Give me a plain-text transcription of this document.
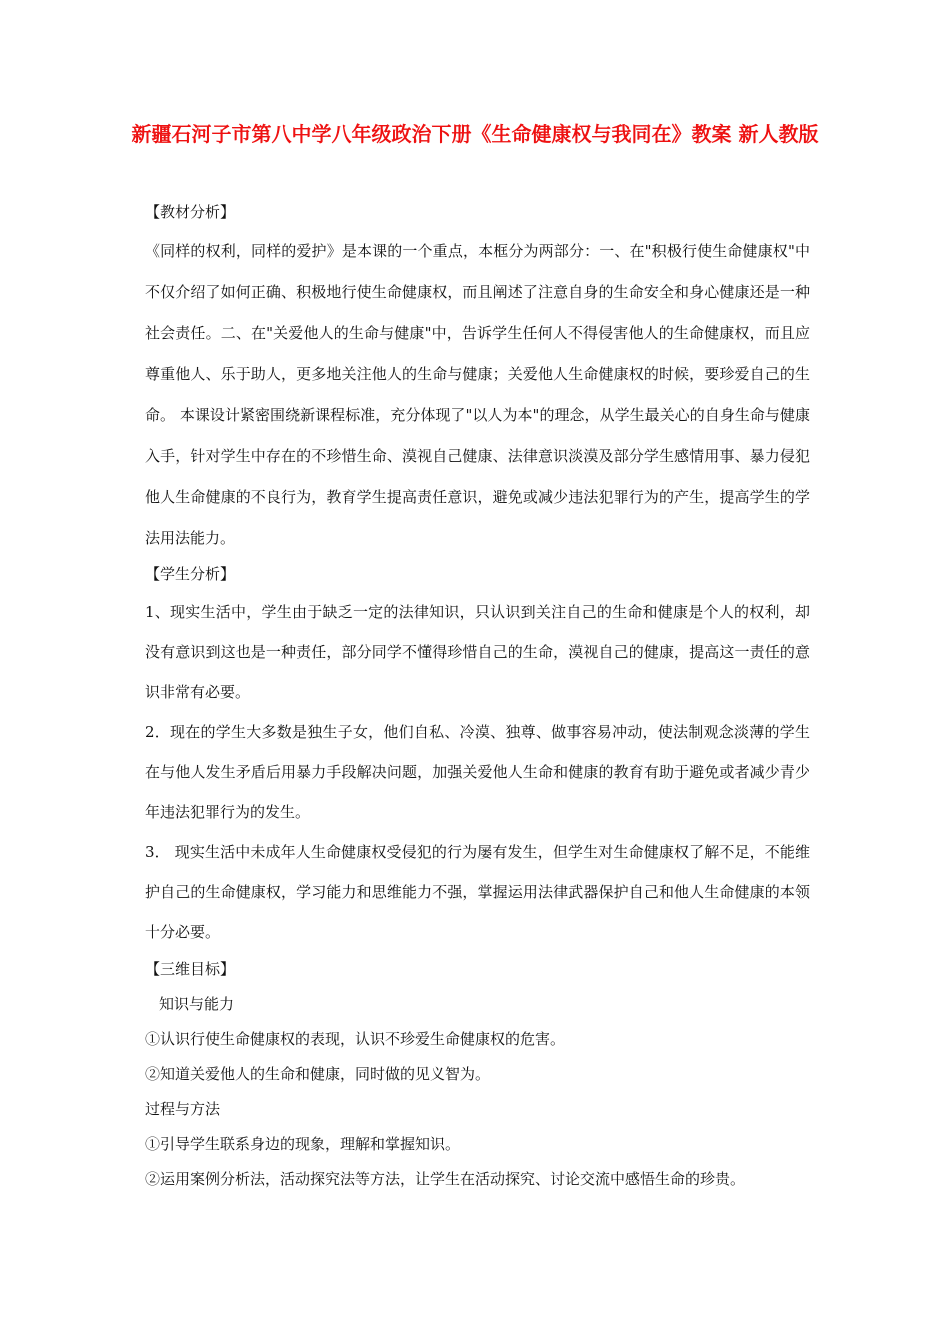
新疆石河子市第八中学八年级政治下册《生命健康权与我同在》教案 新人教版
【教材分析】
《同样的权利，同样的爱护》是本课的一个重点，本框分为两部分：一、在"积极行使生命健康权"中不仅介绍了如何正确、积极地行使生命健康权，而且阐述了注意自身的生命安全和身心健康还是一种社会责任。二、在"关爱他人的生命与健康"中，告诉学生任何人不得侵害他人的生命健康权，而且应尊重他人、乐于助人，更多地关注他人的生命与健康；关爱他人生命健康权的时候，要珍爱自己的生命。 本课设计紧密围绕新课程标准，充分体现了"以人为本"的理念，从学生最关心的自身生命与健康入手，针对学生中存在的不珍惜生命、漠视自己健康、法律意识淡漠及部分学生感情用事、暴力侵犯他人生命健康的不良行为，教育学生提高责任意识，避免或减少违法犯罪行为的产生，提高学生的学法用法能力。
【学生分析】
1、现实生活中，学生由于缺乏一定的法律知识，只认识到关注自己的生命和健康是个人的权利，却没有意识到这也是一种责任，部分同学不懂得珍惜自己的生命，漠视自己的健康，提高这一责任的意识非常有必要。
2．现在的学生大多数是独生子女，他们自私、冷漠、独尊、做事容易冲动，使法制观念淡薄的学生在与他人发生矛盾后用暴力手段解决问题，加强关爱他人生命和健康的教育有助于避免或者减少青少年违法犯罪行为的发生。
3． 现实生活中未成年人生命健康权受侵犯的行为屡有发生，但学生对生命健康权了解不足，不能维护自己的生命健康权，学习能力和思维能力不强，掌握运用法律武器保护自己和他人生命健康的本领十分必要。
【三维目标】
知识与能力
①认识行使生命健康权的表现，认识不珍爱生命健康权的危害。
②知道关爱他人的生命和健康，同时做的见义智为。
过程与方法
①引导学生联系身边的现象，理解和掌握知识。
②运用案例分析法，活动探究法等方法，让学生在活动探究、讨论交流中感悟生命的珍贵。
